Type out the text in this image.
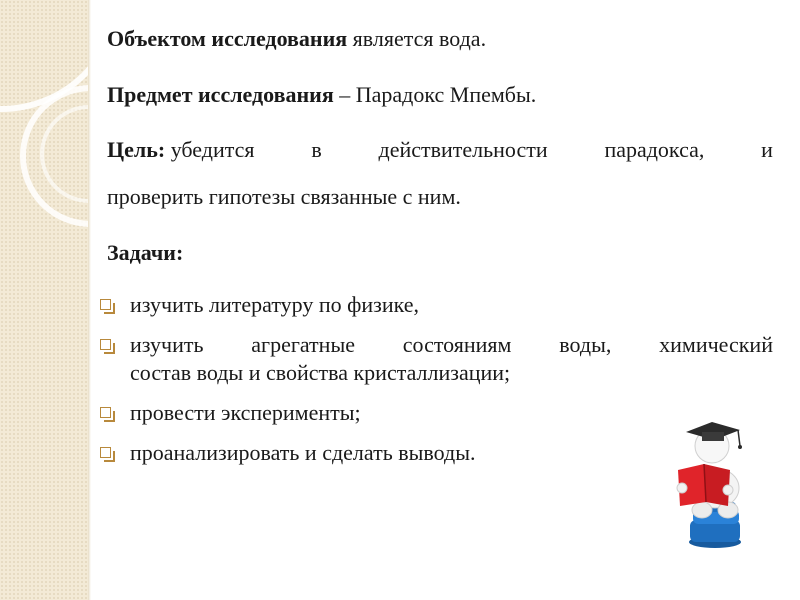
Объектом исследования является вода.
Предмет исследования – Парадокс Мпембы.
Цель:
убедится	в	действительности	парадокса,	и
проверить гипотезы связанные с ним.
Задачи:
изучить литературу по физике,
изучить агрегатные состояниям воды, химический
состав воды и свойства кристаллизации;
провести эксперименты;
проанализировать и сделать выводы.
